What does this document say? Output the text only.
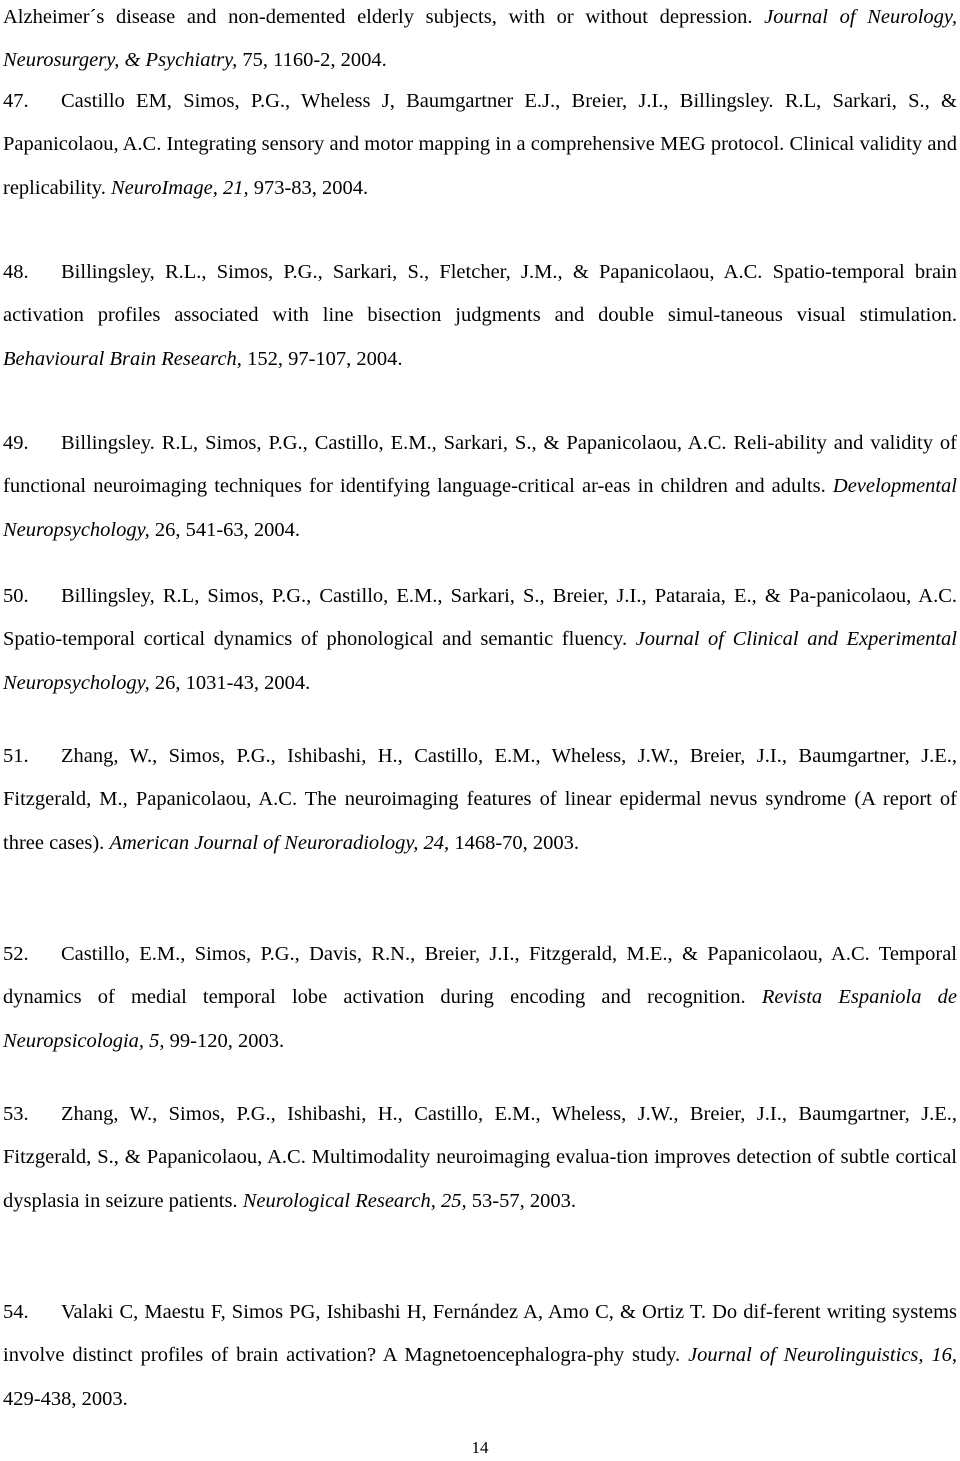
Alzheimer´s disease and non-demented elderly subjects, with or without depression. Journal of Neurology, Neurosurgery, & Psychiatry, 75, 1160-2, 2004.

47. Castillo EM, Simos, P.G., Wheless J, Baumgartner E.J., Breier, J.I., Billingsley. R.L, Sarkari, S., & Papanicolaou, A.C. Integrating sensory and motor mapping in a comprehensive MEG protocol. Clinical validity and replicability. NeuroImage, 21, 973-83, 2004.

48. Billingsley, R.L., Simos, P.G., Sarkari, S., Fletcher, J.M., & Papanicolaou, A.C. Spatio-temporal brain activation profiles associated with line bisection judgments and double simul-taneous visual stimulation. Behavioural Brain Research, 152, 97-107, 2004.

49. Billingsley. R.L, Simos, P.G., Castillo, E.M., Sarkari, S., & Papanicolaou, A.C. Reli-ability and validity of functional neuroimaging techniques for identifying language-critical ar-eas in children and adults. Developmental Neuropsychology, 26, 541-63, 2004.

50. Billingsley, R.L, Simos, P.G., Castillo, E.M., Sarkari, S., Breier, J.I., Pataraia, E., & Pa-panicolaou, A.C. Spatio-temporal cortical dynamics of phonological and semantic fluency. Journal of Clinical and Experimental Neuropsychology, 26, 1031-43, 2004.

51. Zhang, W., Simos, P.G., Ishibashi, H., Castillo, E.M., Wheless, J.W., Breier, J.I., Baumgartner, J.E., Fitzgerald, M., Papanicolaou, A.C. The neuroimaging features of linear epidermal nevus syndrome (A report of three cases). American Journal of Neuroradiology, 24, 1468-70, 2003.

52. Castillo, E.M., Simos, P.G., Davis, R.N., Breier, J.I., Fitzgerald, M.E., & Papanicolaou, A.C. Temporal dynamics of medial temporal lobe activation during encoding and recognition. Revista Espaniola de Neuropsicologia, 5, 99-120, 2003.

53. Zhang, W., Simos, P.G., Ishibashi, H., Castillo, E.M., Wheless, J.W., Breier, J.I., Baumgartner, J.E., Fitzgerald, S., & Papanicolaou, A.C. Multimodality neuroimaging evalua-tion improves detection of subtle cortical dysplasia in seizure patients. Neurological Research, 25, 53-57, 2003.

54. Valaki C, Maestu F, Simos PG, Ishibashi H, Fernández A, Amo C, & Ortiz T. Do dif-ferent writing systems involve distinct profiles of brain activation? A Magnetoencephalogra-phy study. Journal of Neurolinguistics, 16, 429-438, 2003.

14
